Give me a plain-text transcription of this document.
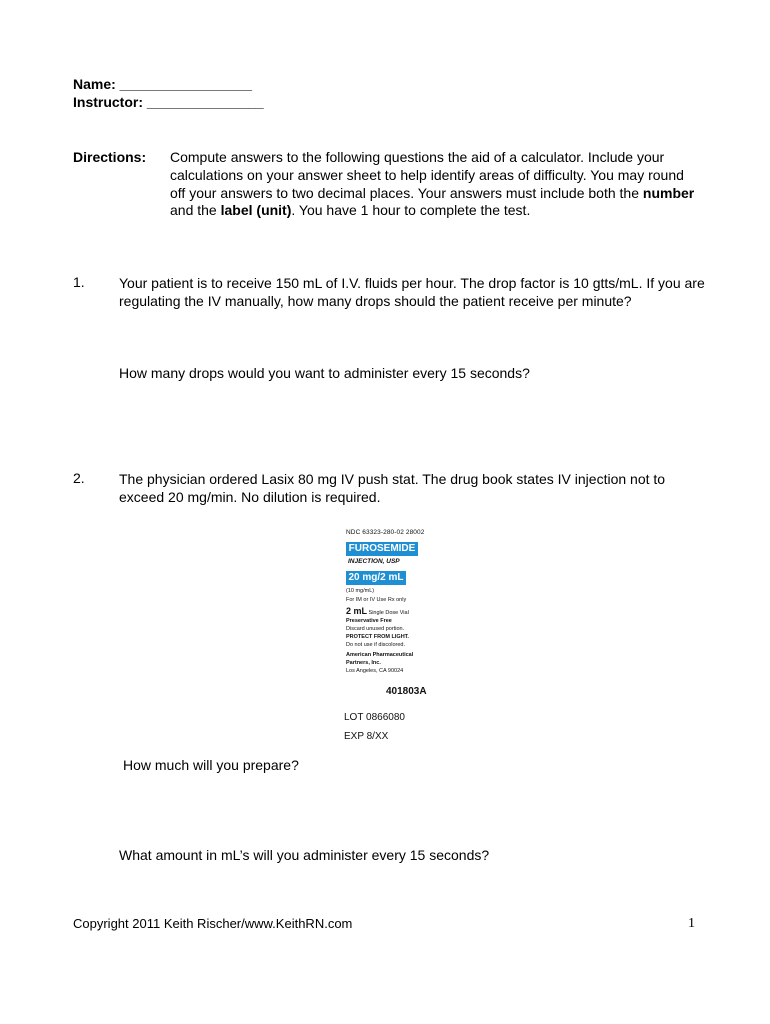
Name: _________________
Instructor: _______________
Directions: Compute answers to the following questions the aid of a calculator. Include your calculations on your answer sheet to help identify areas of difficulty. You may round off your answers to two decimal places. Your answers must include both the number and the label (unit). You have 1 hour to complete the test.
1. Your patient is to receive 150 mL of I.V. fluids per hour. The drop factor is 10 gtts/mL. If you are regulating the IV manually, how many drops should the patient receive per minute?
How many drops would you want to administer every 15 seconds?
2. The physician ordered Lasix 80 mg IV push stat. The drug book states IV injection not to exceed 20 mg/min. No dilution is required.
NDC 63323-280-02 28002
FUROSEMIDE
INJECTION, USP
20 mg/2 mL
(10 mg/mL)
For IM or IV Use Rx only
2 mL Single Dose Vial
Preservative Free
Discard unused portion.
PROTECT FROM LIGHT.
Do not use if discolored.
American Pharmaceutical
Partners, Inc.
Los Angeles, CA 90024
401803A
LOT 0866080
EXP 8/XX
How much will you prepare?
What amount in mL’s will you administer every 15 seconds?
Copyright 2011 Keith Rischer/www.KeithRN.com	1
